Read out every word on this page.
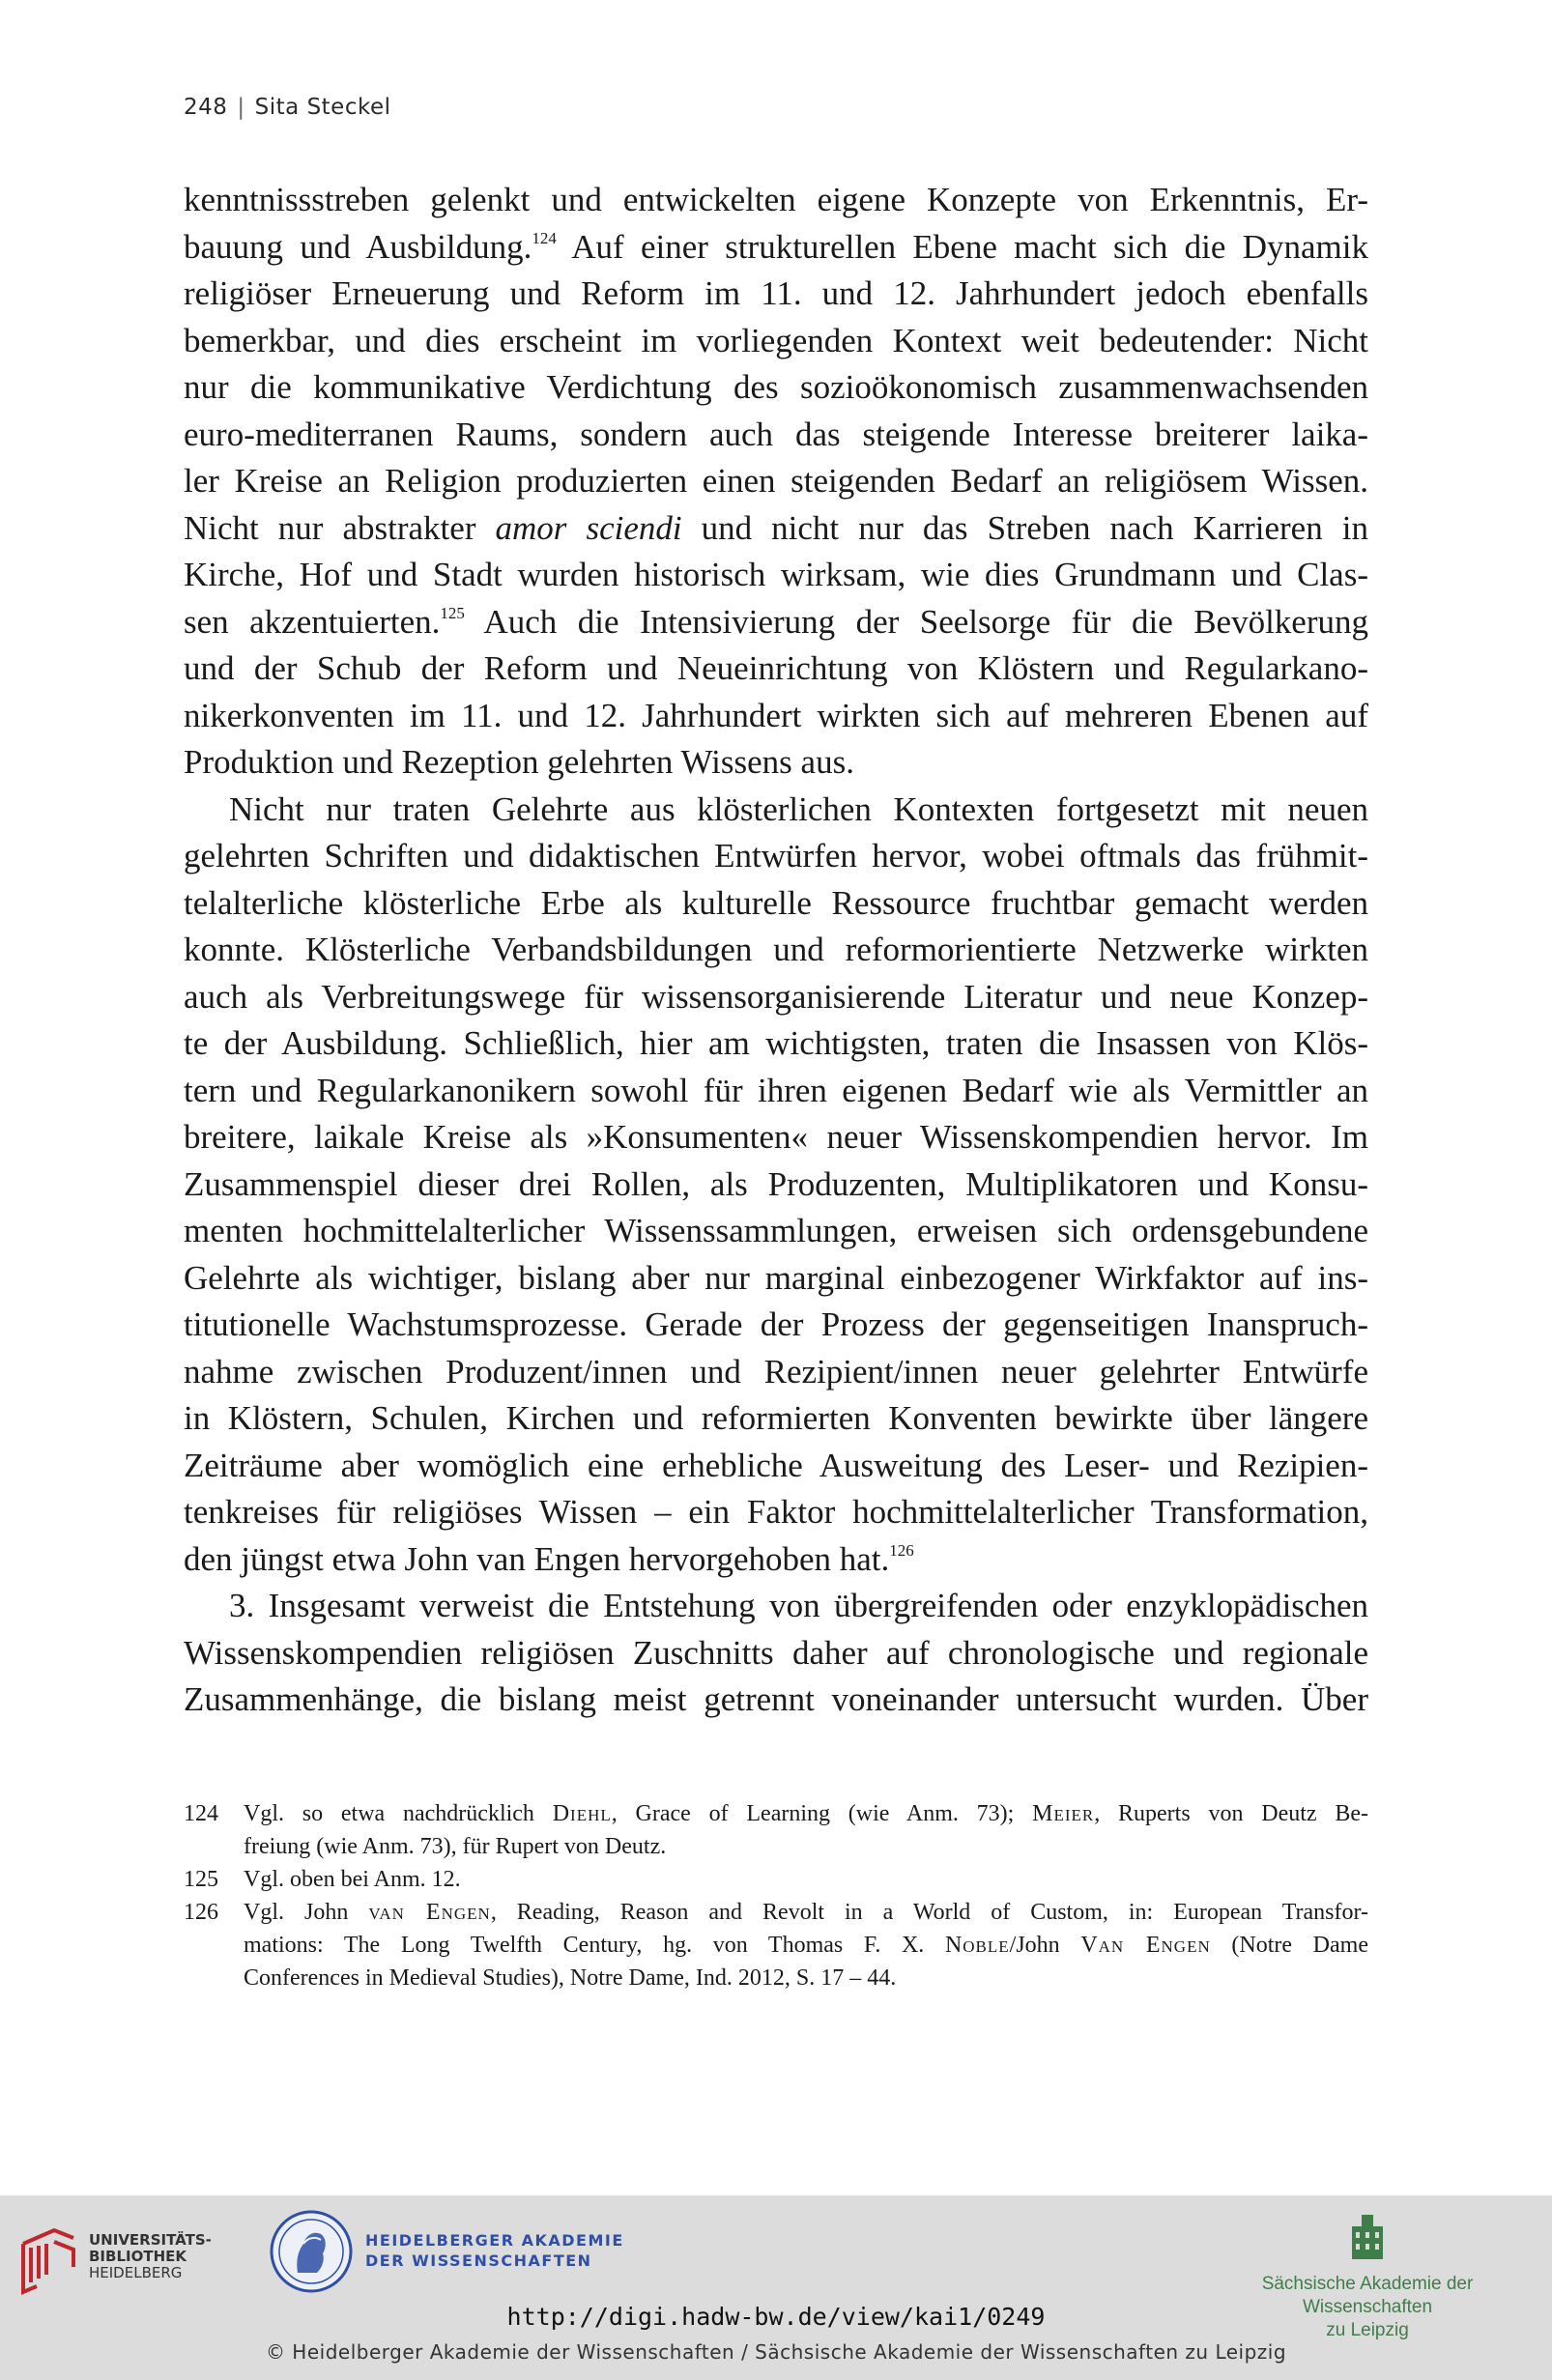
248 | Sita Steckel
kenntnissstreben gelenkt und entwickelten eigene Konzepte von Erkenntnis, Er-
bauung und Ausbildung.$^{124}$ Auf einer strukturellen Ebene macht sich die Dynamik
religiöser Erneuerung und Reform im 11. und 12. Jahrhundert jedoch ebenfalls
bemerkbar, und dies erscheint im vorliegenden Kontext weit bedeutender: Nicht
nur die kommunikative Verdichtung des sozioökonomisch zusammenwachsenden
euro-mediterranen Raums, sondern auch das steigende Interesse breiterer laika-
ler Kreise an Religion produzierten einen steigenden Bedarf an religiösem Wissen.
Nicht nur abstrakter amor sciendi und nicht nur das Streben nach Karrieren in
Kirche, Hof und Stadt wurden historisch wirksam, wie dies Grundmann und Clas-
sen akzentuierten.$^{125}$ Auch die Intensivierung der Seelsorge für die Bevölkerung
und der Schub der Reform und Neueinrichtung von Klöstern und Regularkano-
nikerkonventen im 11. und 12. Jahrhundert wirkten sich auf mehreren Ebenen auf
Produktion und Rezeption gelehrten Wissens aus.
Nicht nur traten Gelehrte aus klösterlichen Kontexten fortgesetzt mit neuen
gelehrten Schriften und didaktischen Entwürfen hervor, wobei oftmals das frühmit-
telalterliche klösterliche Erbe als kulturelle Ressource fruchtbar gemacht werden
konnte. Klösterliche Verbandsbildungen und reformorientierte Netzwerke wirkten
auch als Verbreitungswege für wissensorganisierende Literatur und neue Konzep-
te der Ausbildung. Schließlich, hier am wichtigsten, traten die Insassen von Klös-
tern und Regularkanonikern sowohl für ihren eigenen Bedarf wie als Vermittler an
breitere, laikale Kreise als »Konsumenten« neuer Wissenskompendien hervor. Im
Zusammenspiel dieser drei Rollen, als Produzenten, Multiplikatoren und Konsu-
menten hochmittelalterlicher Wissenssammlungen, erweisen sich ordensgebundene
Gelehrte als wichtiger, bislang aber nur marginal einbezogener Wirkfaktor auf ins-
titutionelle Wachstumsprozesse. Gerade der Prozess der gegenseitigen Inanspruch-
nahme zwischen Produzent/innen und Rezipient/innen neuer gelehrter Entwürfe
in Klöstern, Schulen, Kirchen und reformierten Konventen bewirkte über längere
Zeiträume aber womöglich eine erhebliche Ausweitung des Leser- und Rezipien-
tenkreises für religiöses Wissen – ein Faktor hochmittelalterlicher Transformation,
den jüngst etwa John van Engen hervorgehoben hat.$^{126}$
3. Insgesamt verweist die Entstehung von übergreifenden oder enzyklopädischen
Wissenskompendien religiösen Zuschnitts daher auf chronologische und regionale
Zusammenhänge, die bislang meist getrennt voneinander untersucht wurden. Über
124	Vgl. so etwa nachdrücklich Diehl, Grace of Learning (wie Anm. 73); Meier, Ruperts von Deutz Be-
freiung (wie Anm. 73), für Rupert von Deutz.
125	Vgl. oben bei Anm. 12.
126	Vgl. John van Engen, Reading, Reason and Revolt in a World of Custom, in: European Transfor-
mations: The Long Twelfth Century, hg. von Thomas F. X. Noble/John Van Engen (Notre Dame
Conferences in Medieval Studies), Notre Dame, Ind. 2012, S. 17 – 44.
UNIVERSITÄTS-
BIBLIOTHEK
HEIDELBERG
HEIDELBERGER AKADEMIE
DER WISSENSCHAFTEN
Sächsische Akademie der Wissenschaften
zu Leipzig
http://digi.hadw-bw.de/view/kai1/0249
© Heidelberger Akademie der Wissenschaften / Sächsische Akademie der Wissenschaften zu Leipzig
